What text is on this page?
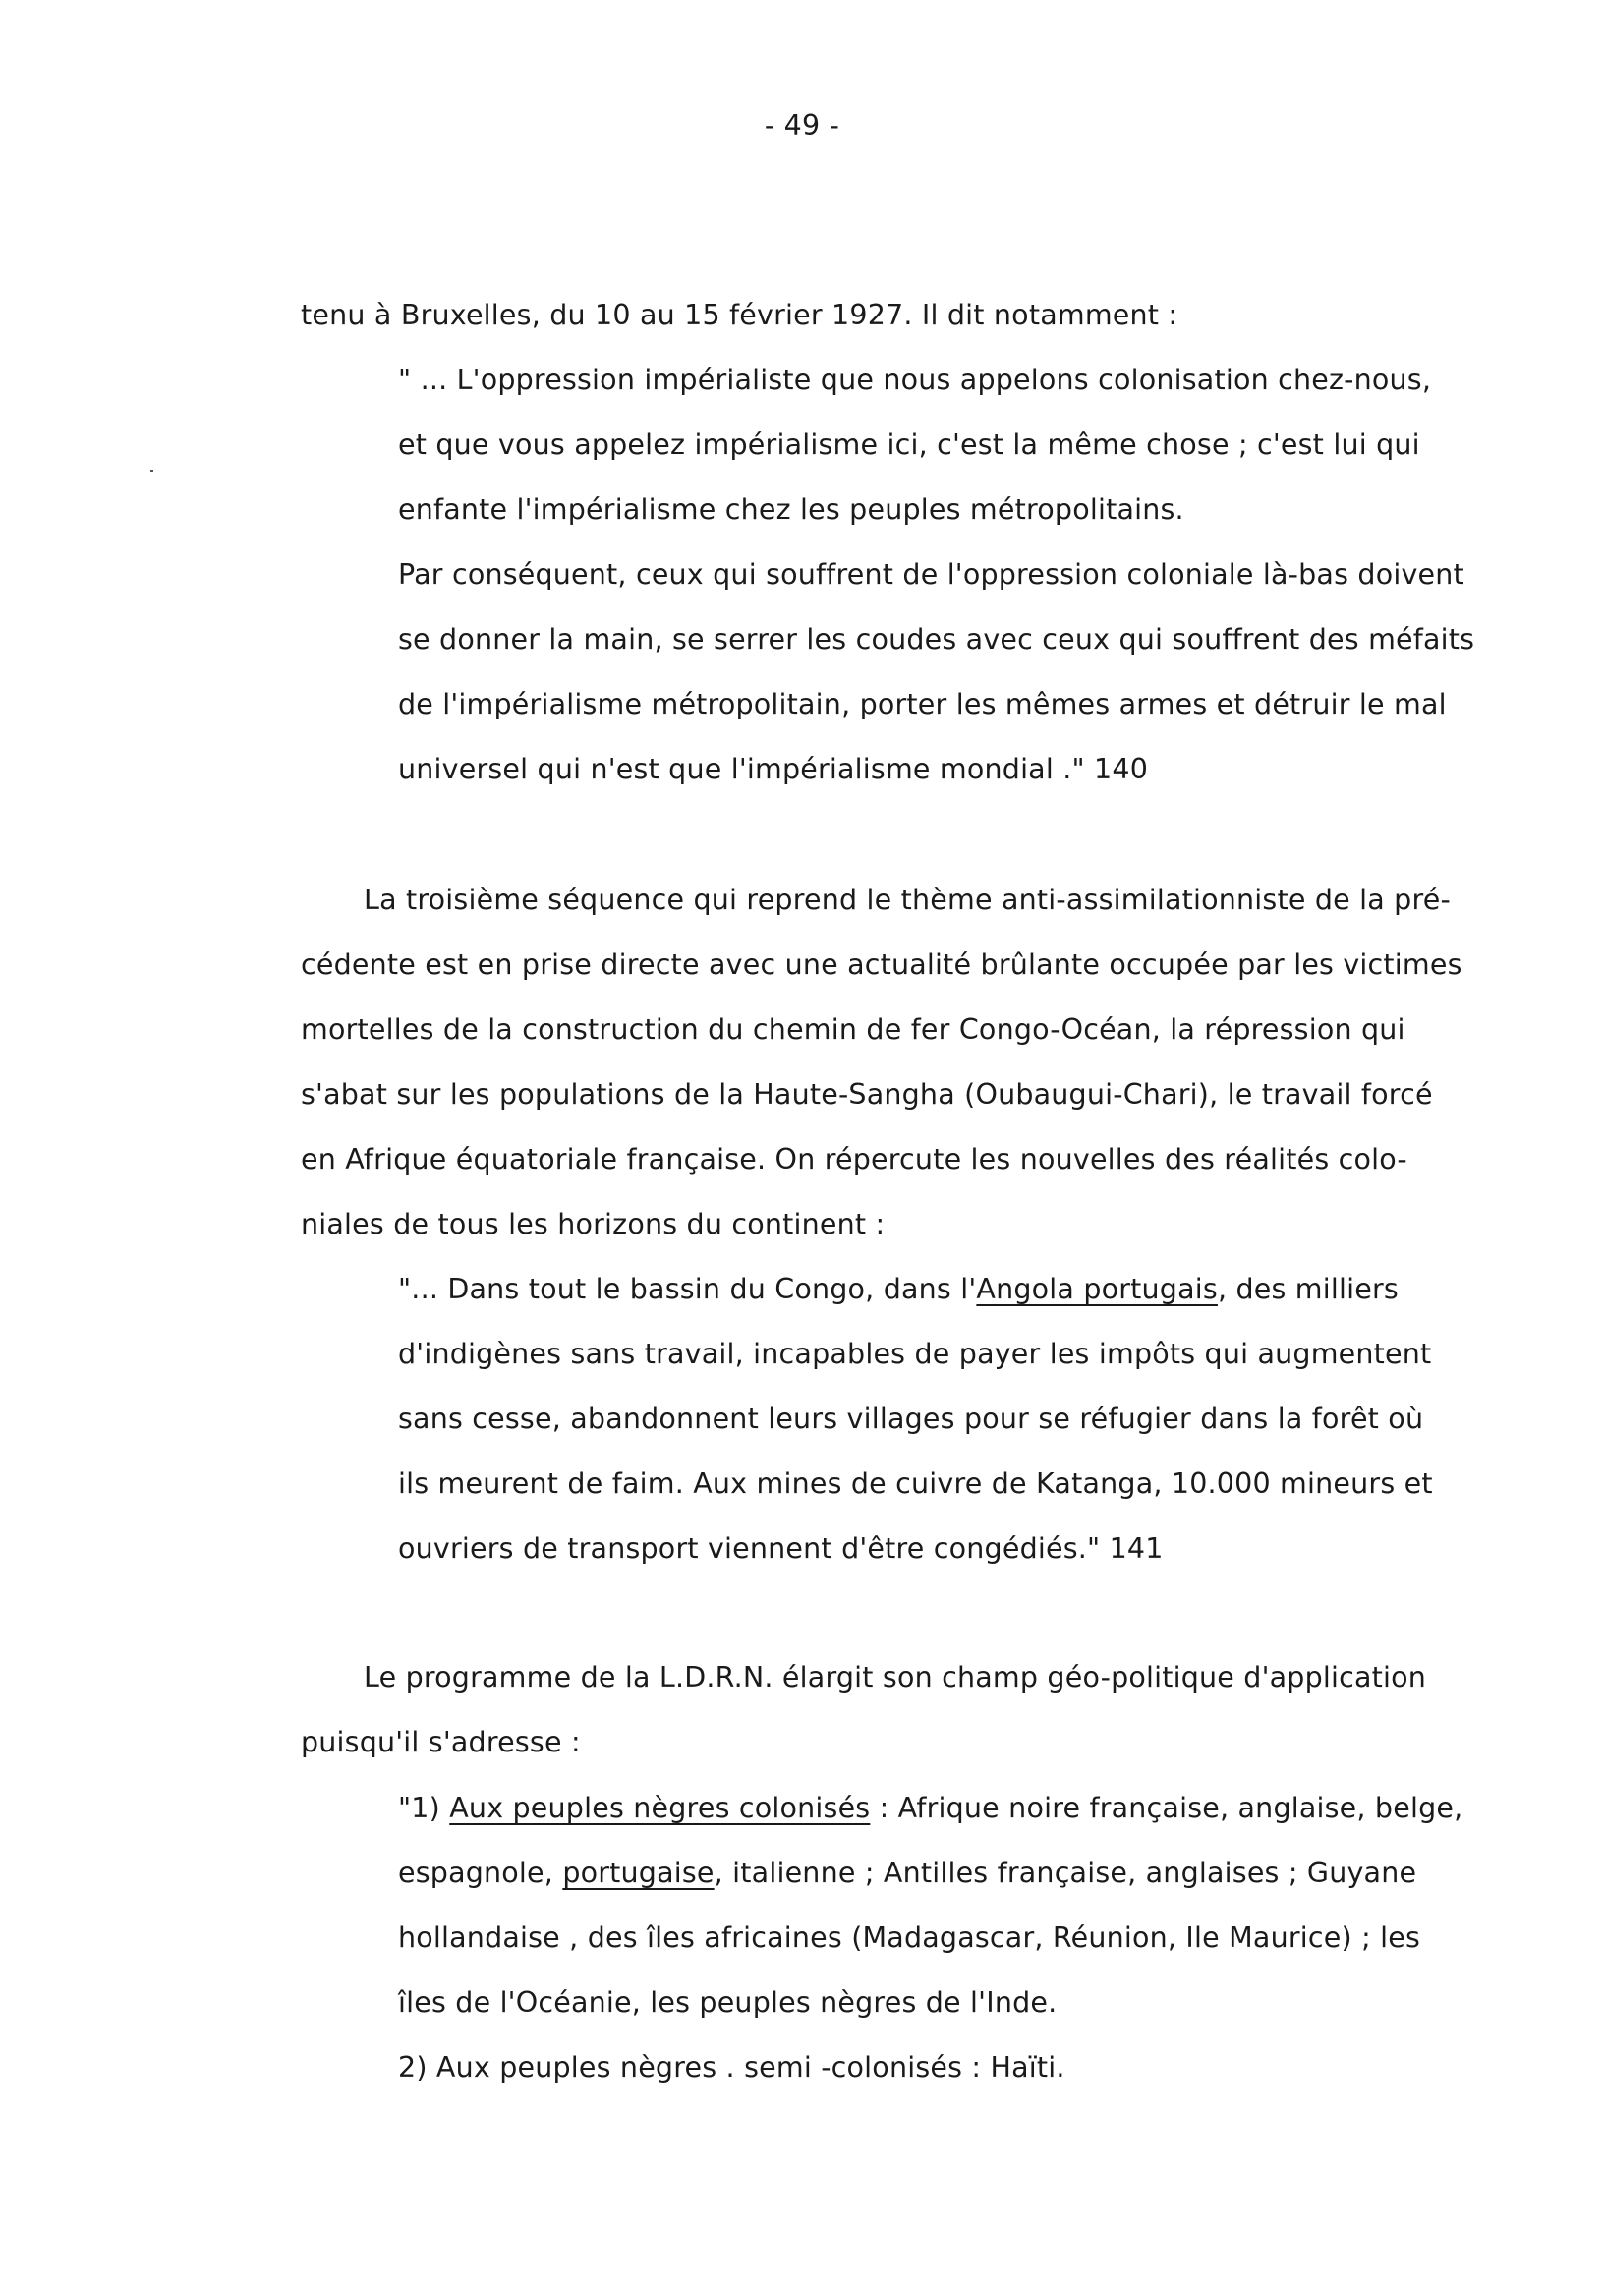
- 49 -
tenu à Bruxelles, du 10 au 15 février 1927. Il dit notamment :
" ... L'oppression impérialiste que nous appelons colonisation chez-nous,
et que vous appelez impérialisme ici, c'est la même chose ; c'est lui qui
enfante l'impérialisme chez les peuples métropolitains.
Par conséquent, ceux qui souffrent de l'oppression coloniale là-bas doivent
se donner la main, se serrer les coudes avec ceux qui souffrent des méfaits
de l'impérialisme métropolitain, porter les mêmes armes et détruir le mal
universel qui n'est que l'impérialisme mondial ." 140
La troisième séquence qui reprend le thème anti-assimilationniste de la pré-
cédente est en prise directe avec une actualité brûlante occupée par les victimes
mortelles de la construction du chemin de fer Congo-Océan, la répression qui
s'abat sur les populations de la Haute-Sangha (Oubaugui-Chari), le travail forcé
en Afrique équatoriale française. On répercute les nouvelles des réalités colo-
niales de tous les horizons du continent :
"... Dans tout le bassin du Congo, dans l'Angola portugais, des milliers
d'indigènes sans travail, incapables de payer les impôts qui augmentent
sans cesse, abandonnent leurs villages pour se réfugier dans la forêt où
ils meurent de faim. Aux mines de cuivre de Katanga, 10.000 mineurs et
ouvriers de transport viennent d'être congédiés." 141
Le programme de la L.D.R.N. élargit son champ géo-politique d'application
puisqu'il s'adresse :
"1) Aux peuples nègres colonisés : Afrique noire française, anglaise, belge,
espagnole, portugaise, italienne ; Antilles française, anglaises ; Guyane
hollandaise , des îles africaines (Madagascar, Réunion, Ile Maurice) ; les
îles de l'Océanie, les peuples nègres de l'Inde.
2) Aux peuples nègres . semi -colonisés : Haïti.
